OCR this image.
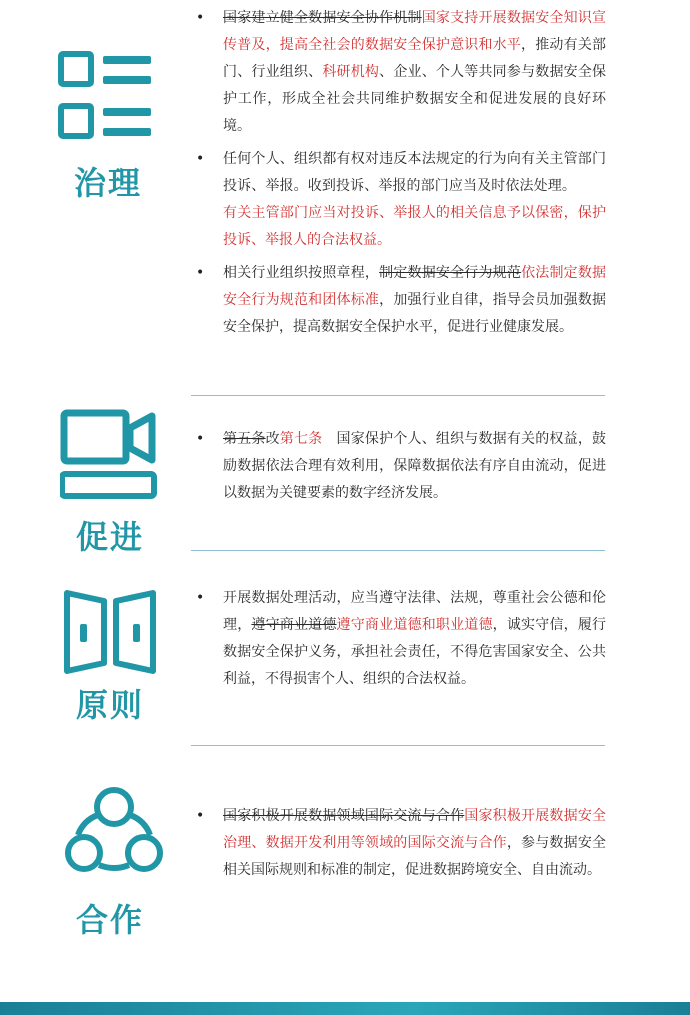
治理
• 国家建立健全数据安全协作机制国家支持开展数据安全知识宣传普及，提高全社会的数据安全保护意识和水平，推动有关部门、行业组织、科研机构、企业、个人等共同参与数据安全保护工作，形成全社会共同维护数据安全和促进发展的良好环境。
• 任何个人、组织都有权对违反本法规定的行为向有关主管部门投诉、举报。收到投诉、举报的部门应当及时依法处理。有关主管部门应当对投诉、举报人的相关信息予以保密，保护投诉、举报人的合法权益。
• 相关行业组织按照章程，制定数据安全行为规范依法制定数据安全行为规范和团体标准，加强行业自律，指导会员加强数据安全保护，提高数据安全保护水平，促进行业健康发展。
促进
• 第五条改第七条　国家保护个人、组织与数据有关的权益，鼓励数据依法合理有效利用，保障数据依法有序自由流动，促进以数据为关键要素的数字经济发展。
原则
• 开展数据处理活动，应当遵守法律、法规，尊重社会公德和伦理，遵守商业道德遵守商业道德和职业道德，诚实守信，履行数据安全保护义务，承担社会责任，不得危害国家安全、公共利益，不得损害个人、组织的合法权益。
合作
• 国家积极开展数据领域国际交流与合作国家积极开展数据安全治理、数据开发利用等领域的国际交流与合作，参与数据安全相关国际规则和标准的制定，促进数据跨境安全、自由流动。
